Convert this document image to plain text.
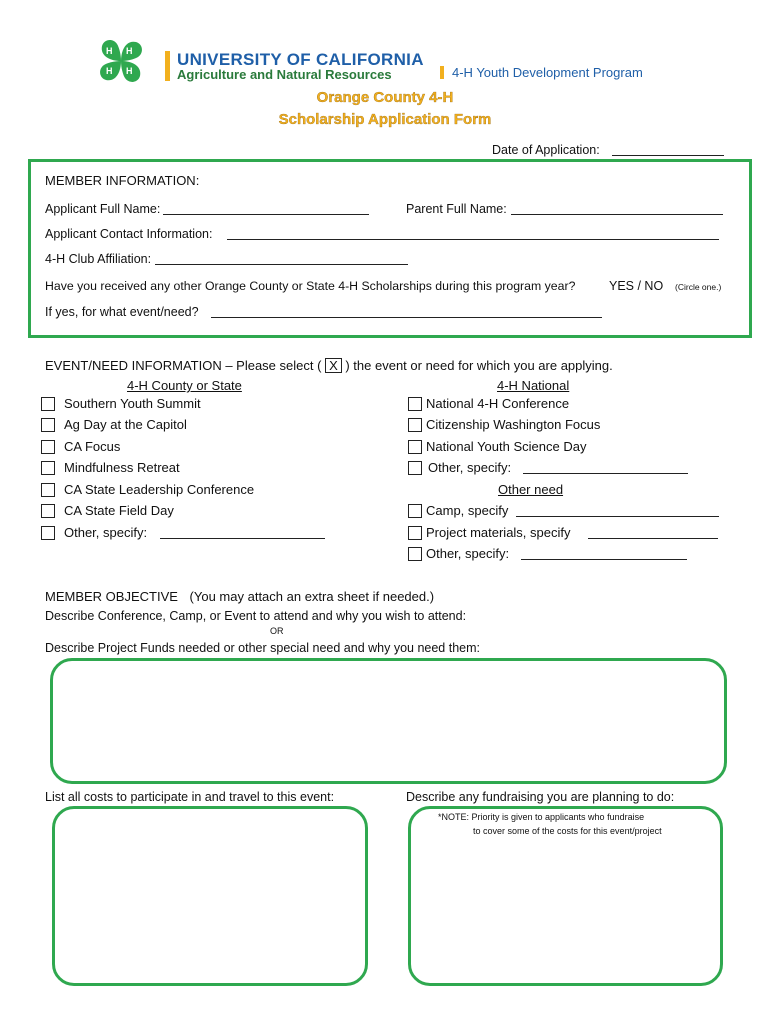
H H
H
H
UNIVERSITY OF CALIFORNIA
Agriculture and Natural Resources	4-H Youth Development Program
Orange County 4-H
Scholarship Application Form
Date of Application:
MEMBER INFORMATION:
Applicant Full Name:	Parent Full Name:
Applicant Contact Information:
4-H Club Affiliation:
Have you received any other Orange County or State 4-H Scholarships during this program year?	YES / NO (Circle one.)
If yes, for what event/need?
EVENT/NEED INFORMATION – Please select ( X ) the event or need for which you are applying.
4-H County or State	4-H National
Southern Youth Summit
Ag Day at the Capitol
CA Focus
Mindfulness Retreat
CA State Leadership Conference
CA State Field Day
Other, specify:
National 4-H Conference
Citizenship Washington Focus
National Youth Science Day
Other, specify:
Other need
Camp, specify
Project materials, specify
Other, specify:
MEMBER OBJECTIVE (You may attach an extra sheet if needed.)
Describe Conference, Camp, or Event to attend and why you wish to attend:
OR
Describe Project Funds needed or other special need and why you need them:
List all costs to participate in and travel to this event:	Describe any fundraising you are planning to do:
*NOTE: Priority is given to applicants who fundraise
to cover some of the costs for this event/project
